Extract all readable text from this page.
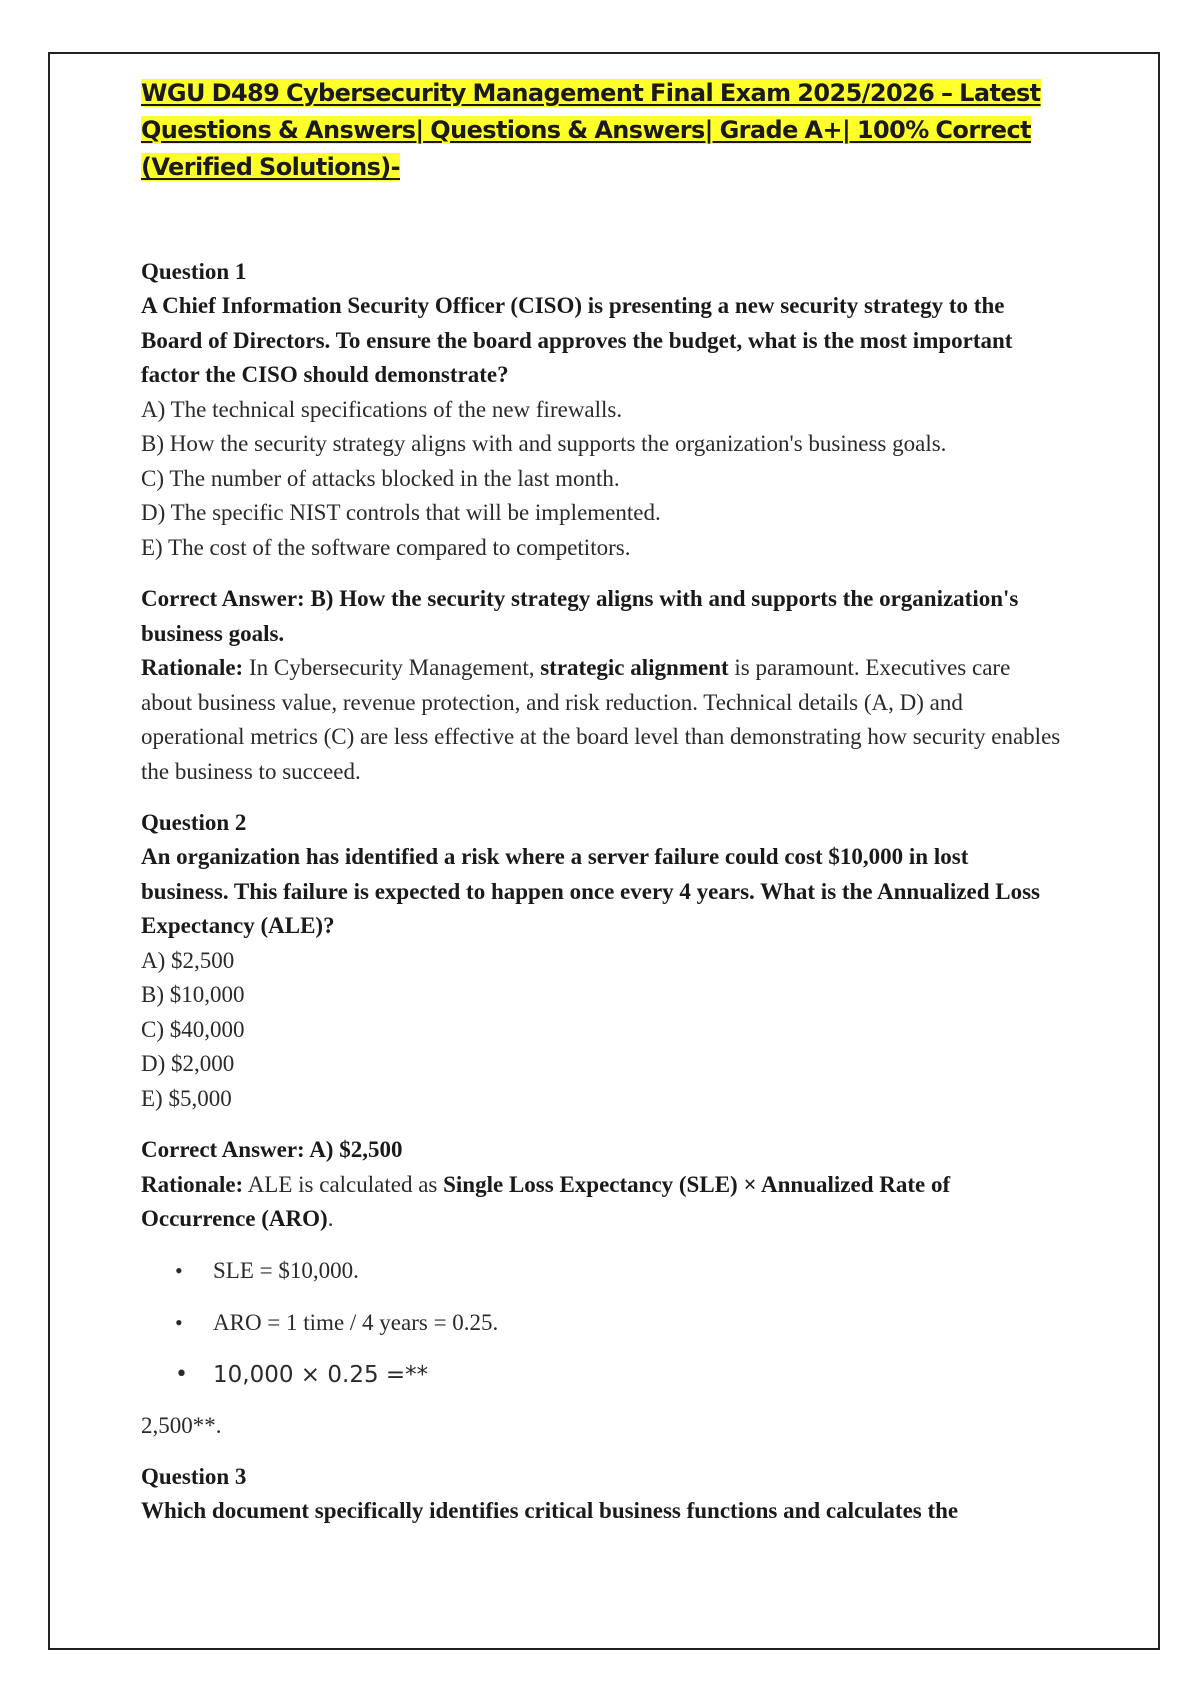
WGU D489 Cybersecurity Management Final Exam 2025/2026 – Latest Questions & Answers| Questions & Answers| Grade A+| 100% Correct (Verified Solutions)-

Question 1

A Chief Information Security Officer (CISO) is presenting a new security strategy to the Board of Directors. To ensure the board approves the budget, what is the most important factor the CISO should demonstrate?

A) The technical specifications of the new firewalls.

B) How the security strategy aligns with and supports the organization's business goals.

C) The number of attacks blocked in the last month.

D) The specific NIST controls that will be implemented.

E) The cost of the software compared to competitors.

Correct Answer: B) How the security strategy aligns with and supports the organization's business goals.

Rationale: In Cybersecurity Management, strategic alignment is paramount. Executives care about business value, revenue protection, and risk reduction. Technical details (A, D) and operational metrics (C) are less effective at the board level than demonstrating how security enables the business to succeed.

Question 2

An organization has identified a risk where a server failure could cost $10,000 in lost business. This failure is expected to happen once every 4 years. What is the Annualized Loss Expectancy (ALE)?

A) $2,500

B) $10,000

C) $40,000

D) $2,000

E) $5,000

Correct Answer: A) $2,500

Rationale: ALE is calculated as Single Loss Expectancy (SLE) × Annualized Rate of Occurrence (ARO).

• SLE = $10,000.
• ARO = 1 time / 4 years = 0.25.
• 10,000 × 0.25 =**

2,500**.

Question 3

Which document specifically identifies critical business functions and calculates the
